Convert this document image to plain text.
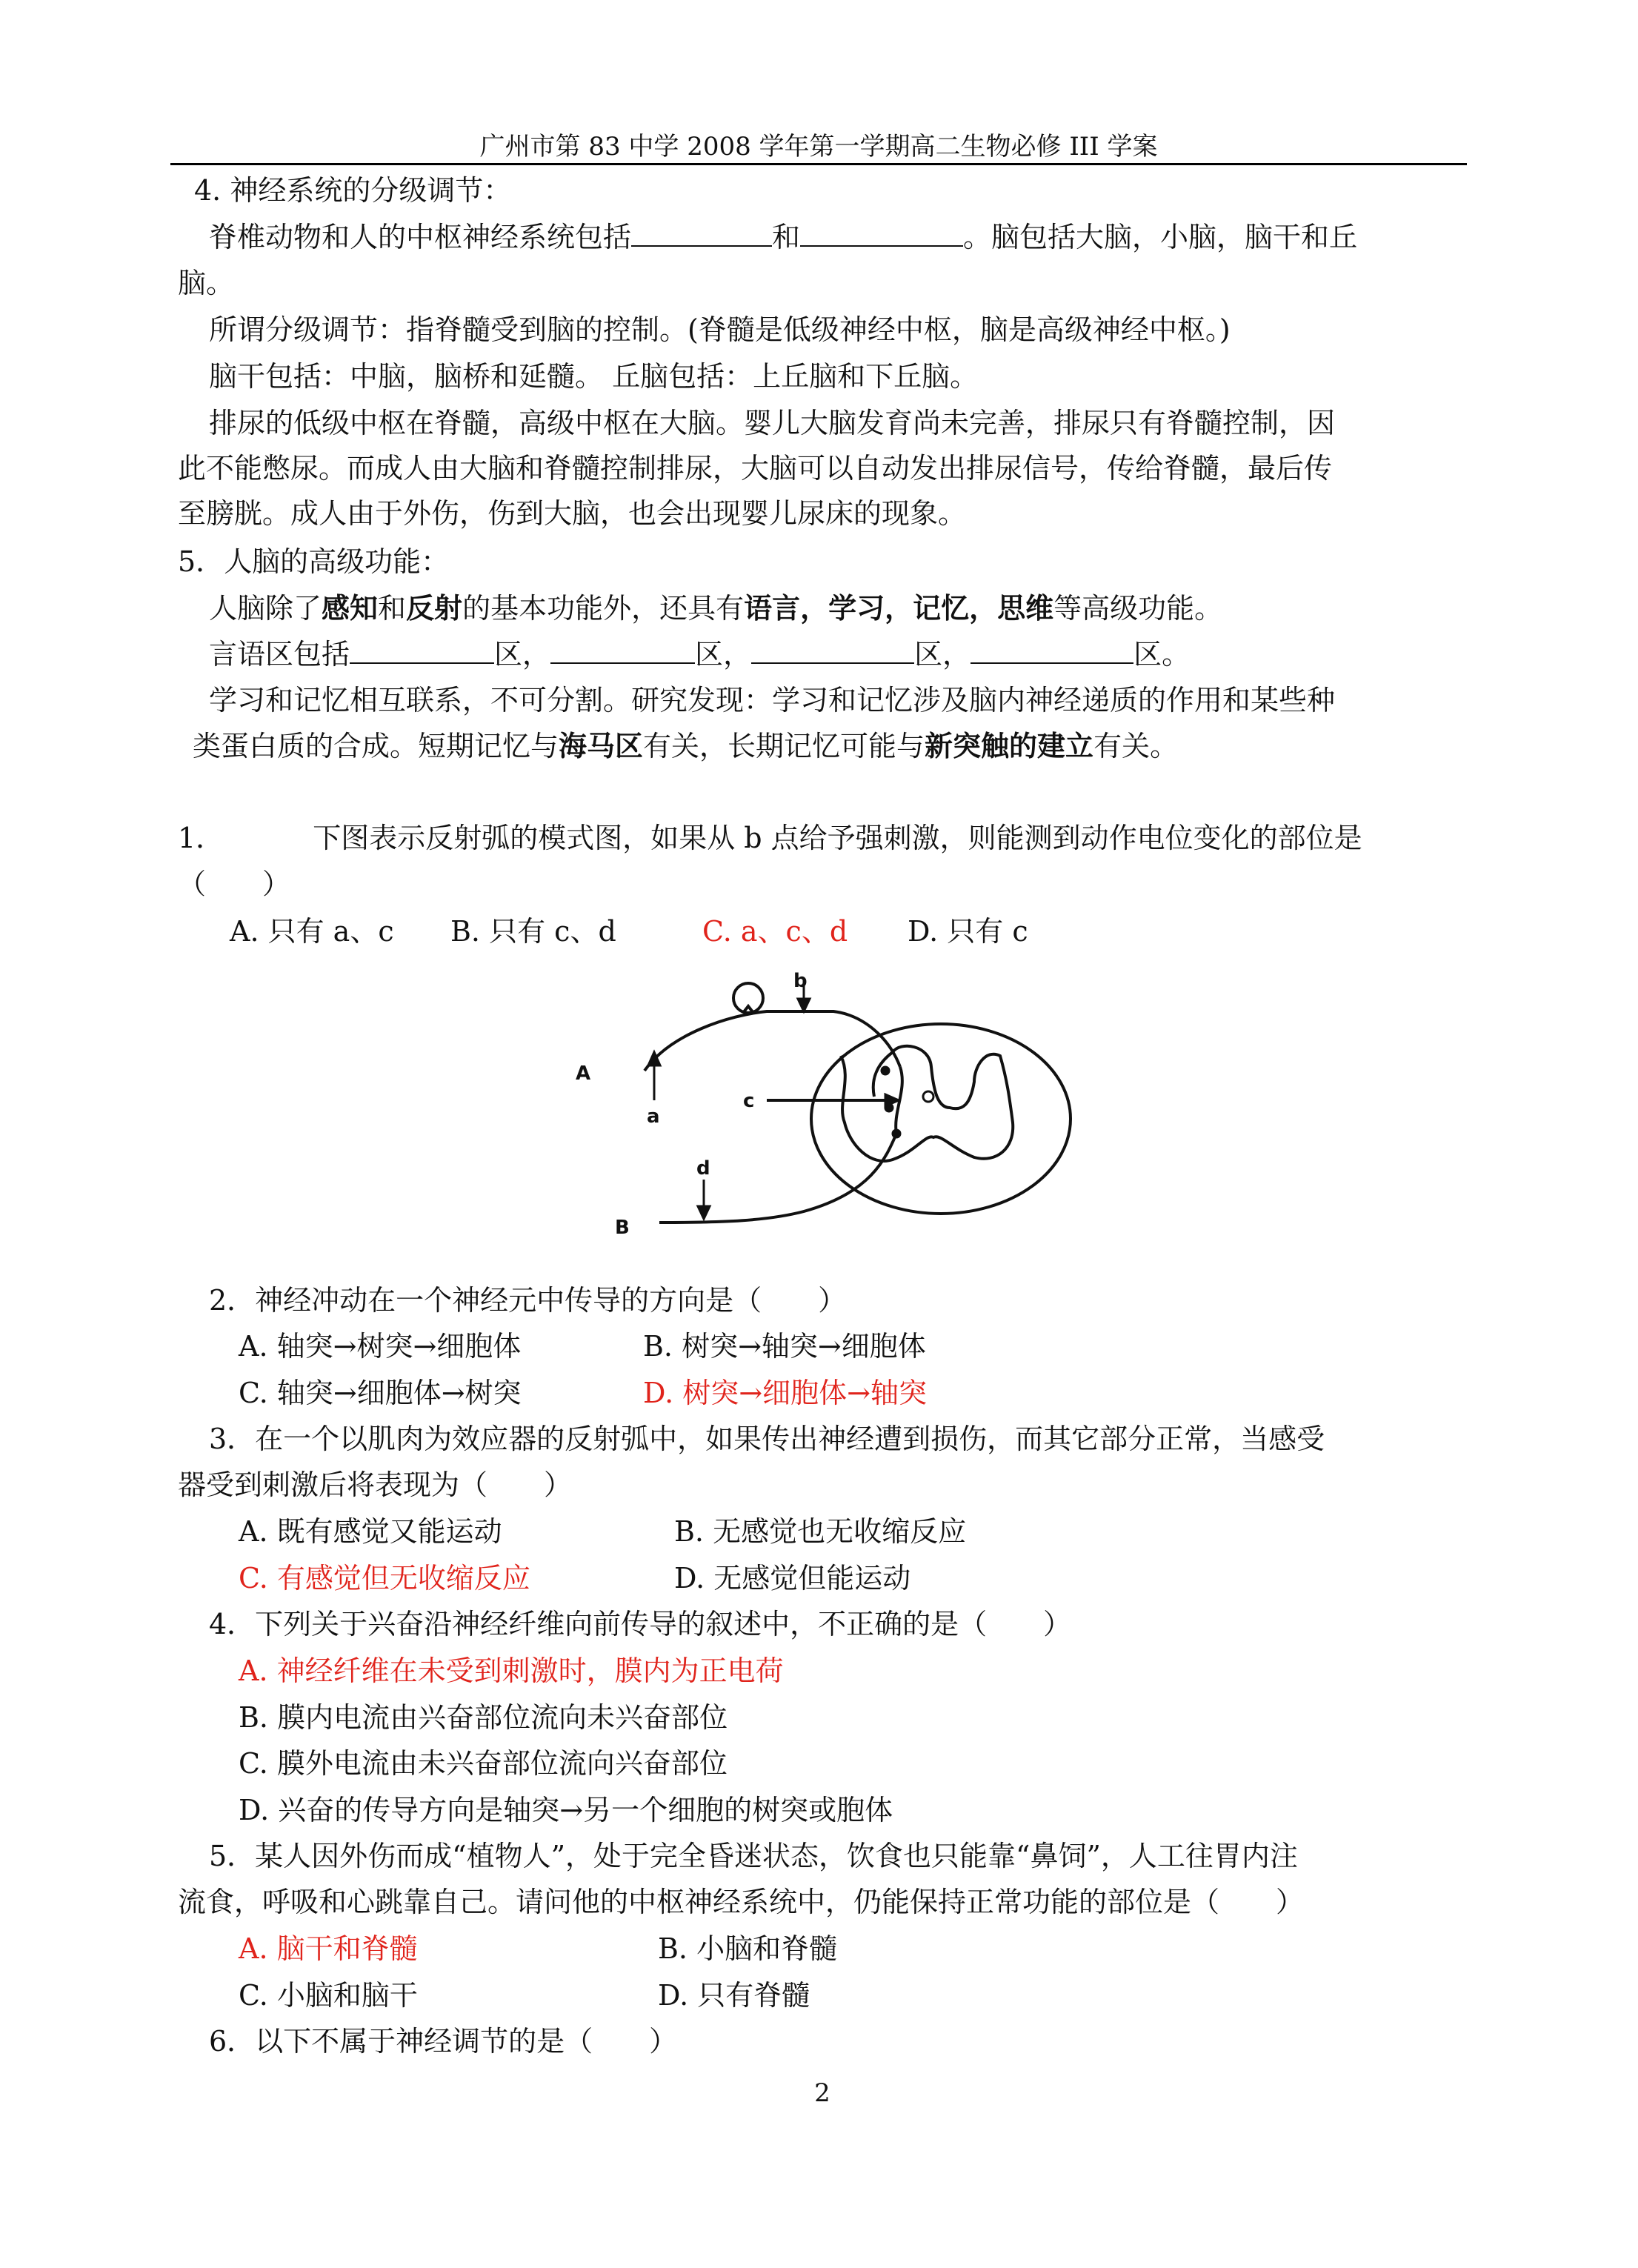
广州市第 83 中学 2008 学年第一学期高二生物必修 III 学案
4. 神经系统的分级调节：
脊椎动物和人的中枢神经系统包括	和	。脑包括大脑，小脑，脑干和丘
脑。
所谓分级调节：指脊髓受到脑的控制。(脊髓是低级神经中枢，脑是高级神经中枢。)
脑干包括：中脑，脑桥和延髓。 丘脑包括：上丘脑和下丘脑。
排尿的低级中枢在脊髓，高级中枢在大脑。婴儿大脑发育尚未完善，排尿只有脊髓控制，因
此不能憋尿。而成人由大脑和脊髓控制排尿，大脑可以自动发出排尿信号，传给脊髓，最后传
至膀胱。成人由于外伤，伤到大脑，也会出现婴儿尿床的现象。
5．人脑的高级功能：
人脑除了感知和反射的基本功能外，还具有语言，学习，记忆，思维等高级功能。
言语区包括	区，	区，	区，	区。
学习和记忆相互联系，不可分割。研究发现：学习和记忆涉及脑内神经递质的作用和某些种
类蛋白质的合成。短期记忆与海马区有关，长期记忆可能与新突触的建立有关。
1．	下图表示反射弧的模式图，如果从 b 点给予强刺激，则能测到动作电位变化的部位是
（　　）
A. 只有 a、c B. 只有 c、d	C. a、c、d D. 只有 c
A
a
b
c
d
B
2．神经冲动在一个神经元中传导的方向是（　　）
A. 轴突→树突→细胞体	B. 树突→轴突→细胞体
C. 轴突→细胞体→树突	D. 树突→细胞体→轴突
3．在一个以肌肉为效应器的反射弧中，如果传出神经遭到损伤，而其它部分正常，当感受
器受到刺激后将表现为（　　）
A. 既有感觉又能运动	B. 无感觉也无收缩反应
C. 有感觉但无收缩反应	D. 无感觉但能运动
4．下列关于兴奋沿神经纤维向前传导的叙述中，不正确的是（　　）
A. 神经纤维在未受到刺激时，膜内为正电荷
B. 膜内电流由兴奋部位流向未兴奋部位
C. 膜外电流由未兴奋部位流向兴奋部位
D. 兴奋的传导方向是轴突→另一个细胞的树突或胞体
5．某人因外伤而成“植物人”，处于完全昏迷状态，饮食也只能靠“鼻饲”，人工往胃内注
流食，呼吸和心跳靠自己。请问他的中枢神经系统中，仍能保持正常功能的部位是（　　）
A. 脑干和脊髓	B. 小脑和脊髓
C. 小脑和脑干	D. 只有脊髓
6．以下不属于神经调节的是（　　）
2
